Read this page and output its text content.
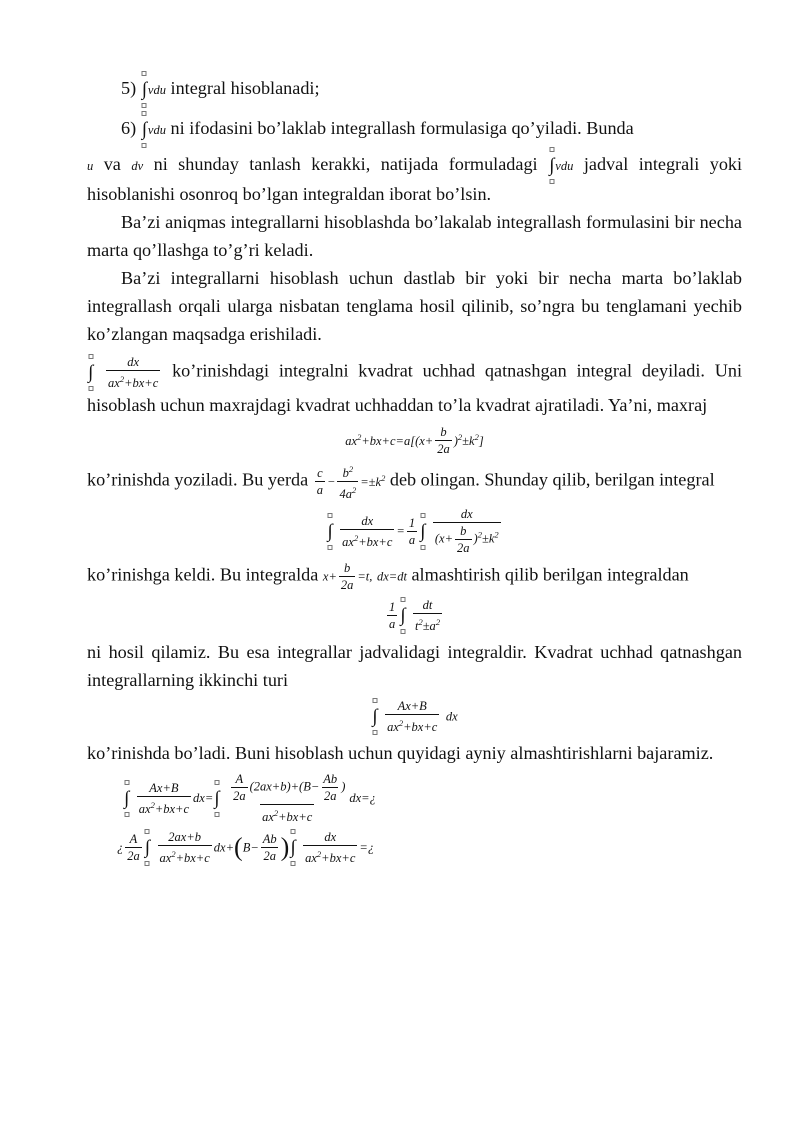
5) ∫
vdu integral hisoblanadi;

6) ∫
vdu ni ifodasini bo’laklab integrallash formulasiga qo’yiladi. Bunda

u va dv ni shunday tanlash kerakki, natijada formuladagi ∫
vdu jadval integrali yoki hisoblanishi osonroq bo’lgan integraldan iborat bo’lsin.

Ba’zi aniqmas integrallarni hisoblashda bo’lakalab integrallash formulasini bir necha marta qo’llashga to’g’ri keladi.

Ba’zi integrallarni hisoblash uchun dastlab bir yoki bir necha marta bo’laklab integrallash orqali ularga nisbatan tenglama hosil qilinib, so’ngra bu tenglamani yechib ko’zlangan maqsadga erishiladi.

∫
$\frac{dx}{ax^2+bx+c}$ ko’rinishdagi integralni kvadrat uchhad qatnashgan integral deyiladi. Uni hisoblash uchun maxrajdagi kvadrat uchhaddan to’la kvadrat ajratiladi. Ya’ni, maxraj

$ax^2+bx+c=a[(x+ \frac{b}{2a} )^2\pm k^2]$

ko’rinishda yoziladi. Bu yerda $\frac{c}{a} - \frac{b^2}{4a^2} =\pm k^2$ deb olingan. Shunday qilib, berilgan integral

∫
$\frac{dx}{ax^2+bx+c} = \frac{1}{a}$ ∫
$\frac{dx}{(x+ \frac{b}{2a} )^2\pm k^2}$

ko’rinishga keldi. Bu integralda $x+ \frac{b}{2a} =t$, dx=dt almashtirish qilib berilgan integraldan

$\frac{1}{a}$ ∫
$\frac{dt}{t^2\pm a^2}$

ni hosil qilamiz. Bu esa integrallar jadvalidagi integraldir. Kvadrat uchhad qatnashgan integrallarning ikkinchi turi

∫
$\frac{Ax+B}{ax^2+bx+c}$ dx

ko’rinishda bo’ladi. Buni hisoblash uchun quyidagi ayniy almashtirishlarni bajaramiz.

∫
$\frac{Ax+B}{ax^2+bx+c} dx=\int$
$\frac{\frac{A}{2a} (2ax+b)+(B- \frac{Ab}{2a} )}{ax^2+bx+c}$ dx=¿
¿ $\frac{A}{2a}$ ∫
$\frac{2ax+b}{ax^2+bx+c} dx+(B- \frac{Ab}{2a}$ )∫
$\frac{dx}{ax^2+bx+c}$ =¿
